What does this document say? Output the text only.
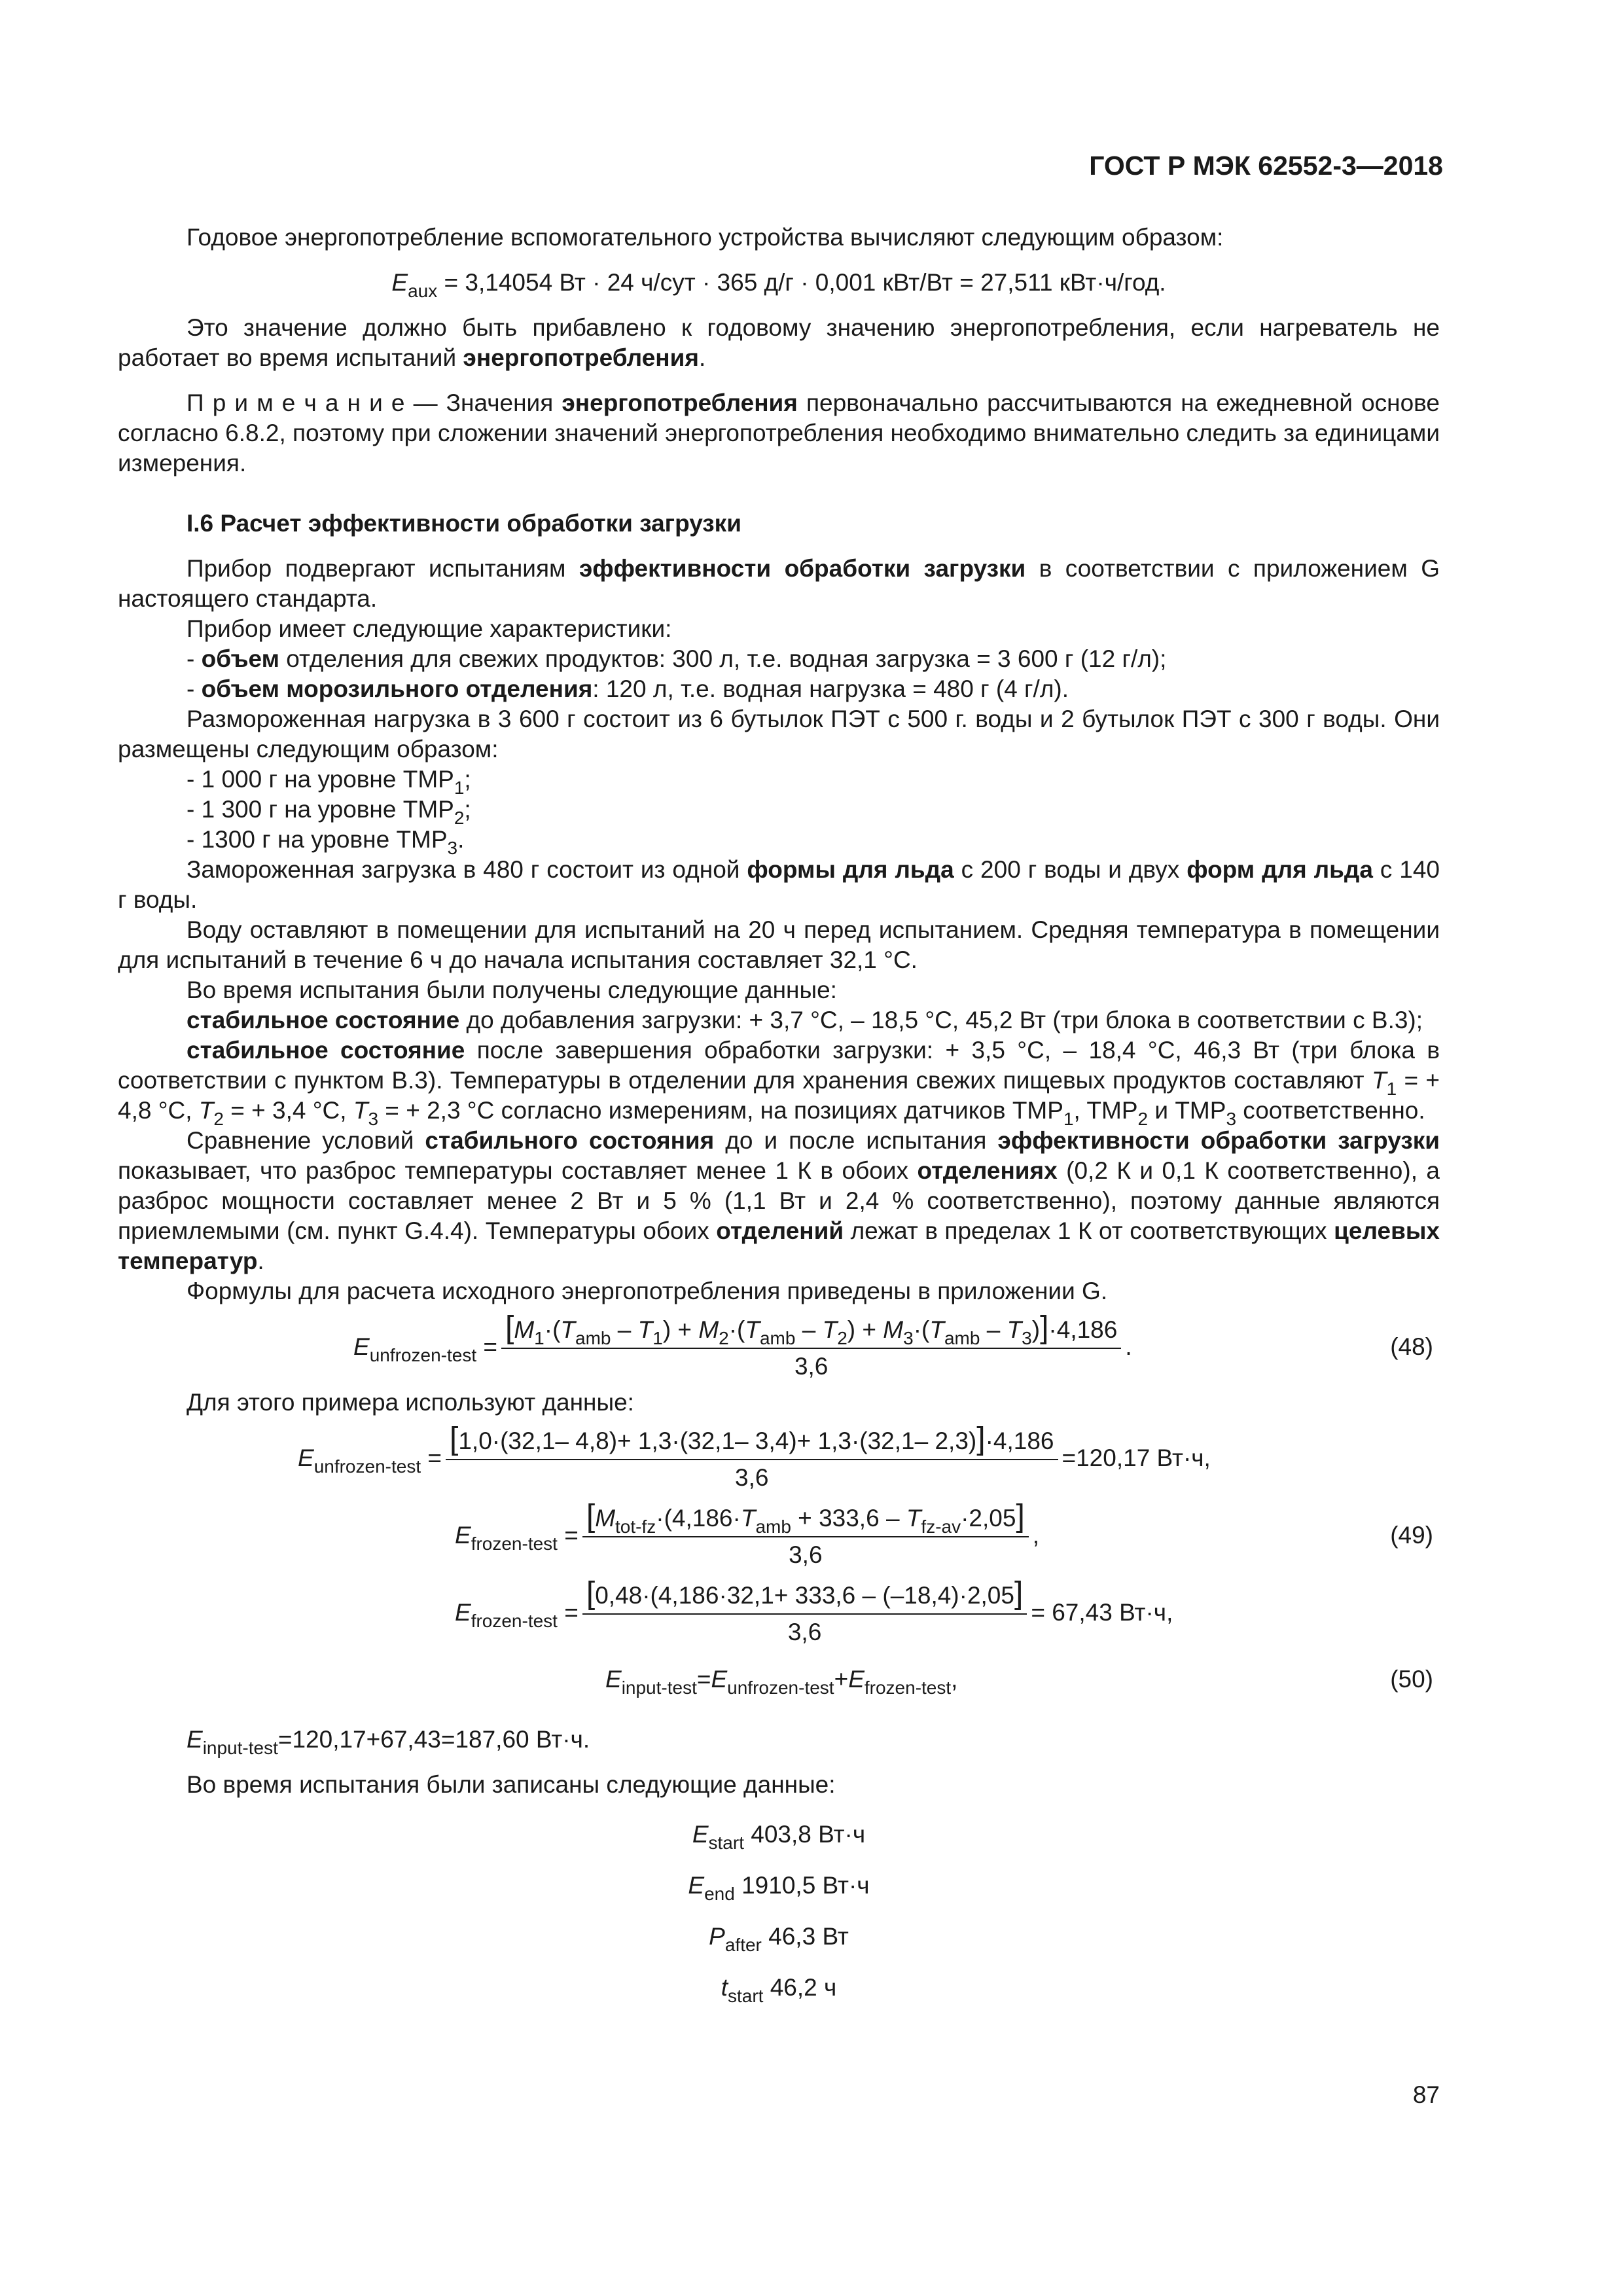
ГОСТ Р МЭК 62552-3—2018

Годовое энергопотребление вспомогательного устройства вычисляют следующим образом:

$E_{aux} = 3,14054$ Вт · 24 ч/сут · 365 д/г · 0,001 кВт/Вт = 27,511 кВт·ч/год.

Это значение должно быть прибавлено к годовому значению энергопотребления, если нагреватель не работает во время испытаний энергопотребления.

П р и м е ч а н и е — Значения энергопотребления первоначально рассчитываются на ежедневной основе согласно 6.8.2, поэтому при сложении значений энергопотребления необходимо внимательно следить за единицами измерения.

I.6 Расчет эффективности обработки загрузки

Прибор подвергают испытаниям эффективности обработки загрузки в соответствии с приложением G настоящего стандарта.

Прибор имеет следующие характеристики:

- объем отделения для свежих продуктов: 300 л, т.е. водная загрузка = 3 600 г (12 г/л);

- объем морозильного отделения: 120 л, т.е. водная нагрузка = 480 г (4 г/л).

Размороженная нагрузка в 3 600 г состоит из 6 бутылок ПЭТ с 500 г. воды и 2 бутылок ПЭТ с 300 г воды. Они размещены следующим образом:

- 1 000 г на уровне $TMP_1$;

- 1 300 г на уровне $TMP_2$;

- 1300 г на уровне $TMP_3$.

Замороженная загрузка в 480 г состоит из одной формы для льда с 200 г воды и двух форм для льда с 140 г воды.

Воду оставляют в помещении для испытаний на 20 ч перед испытанием. Средняя температура в помещении для испытаний в течение 6 ч до начала испытания составляет 32,1 °С.

Во время испытания были получены следующие данные:

стабильное состояние до добавления загрузки: + 3,7 °С, – 18,5 °С, 45,2 Вт (три блока в соответствии с В.3);

стабильное состояние после завершения обработки загрузки: + 3,5 °С, – 18,4 °С, 46,3 Вт (три блока в соответствии с пунктом В.3). Температуры в отделении для хранения свежих пищевых продуктов составляют $T_1$ = + 4,8 °С, $T_2$ = + 3,4 °С, $T_3$ = + 2,3 °С согласно измерениям, на позициях датчиков $TMP_1$, $TMP_2$ и $TMP_3$ соответственно.

Сравнение условий стабильного состояния до и после испытания эффективности обработки загрузки показывает, что разброс температуры составляет менее 1 К в обоих отделениях (0,2 К и 0,1 К соответственно), а разброс мощности составляет менее 2 Вт и 5 % (1,1 Вт и 2,4 % соответственно), поэтому данные являются приемлемыми (см. пункт G.4.4). Температуры обоих отделений лежат в пределах 1 К от соответствующих целевых температур.

Формулы для расчета исходного энергопотребления приведены в приложении G.

$E_{unfrozen-test} = \frac{[M_1\cdot(T_{amb} - T_1) + M_2\cdot(T_{amb} - T_2) + M_3\cdot(T_{amb} - T_3)]\cdot 4,186}{3,6}$ .	(48)

Для этого примера используют данные:

$E_{unfrozen-test} = \frac{[1,0\cdot(32,1- 4,8)+ 1,3\cdot(32,1- 3,4)+ 1,3\cdot(32,1- 2,3)]\cdot 4,186}{3,6} =120,17$ Вт·ч,
$E_{frozen-test} = \frac{[M_{tot-fz}\cdot(4,186\cdot T_{amb} + 333,6 - T_{fz-av}\cdot 2,05]}{3,6}$ ,	(49)
$E_{frozen-test} = \frac{[0,48\cdot(4,186\cdot 32,1+ 333,6 - (-18,4)\cdot 2,05]}{3,6} = 67,43$ Вт·ч,
$E_{input-test}=E_{unfrozen-test}+E_{frozen-test}$,	(50)

$E_{input-test}=120,17+67,43=187,60$ Вт·ч.

Во время испытания были записаны следующие данные:

$E_{start}$ 403,8 Вт·ч

$E_{end}$ 1910,5 Вт·ч

$P_{after}$ 46,3 Вт

$t_{start}$ 46,2 ч

87
